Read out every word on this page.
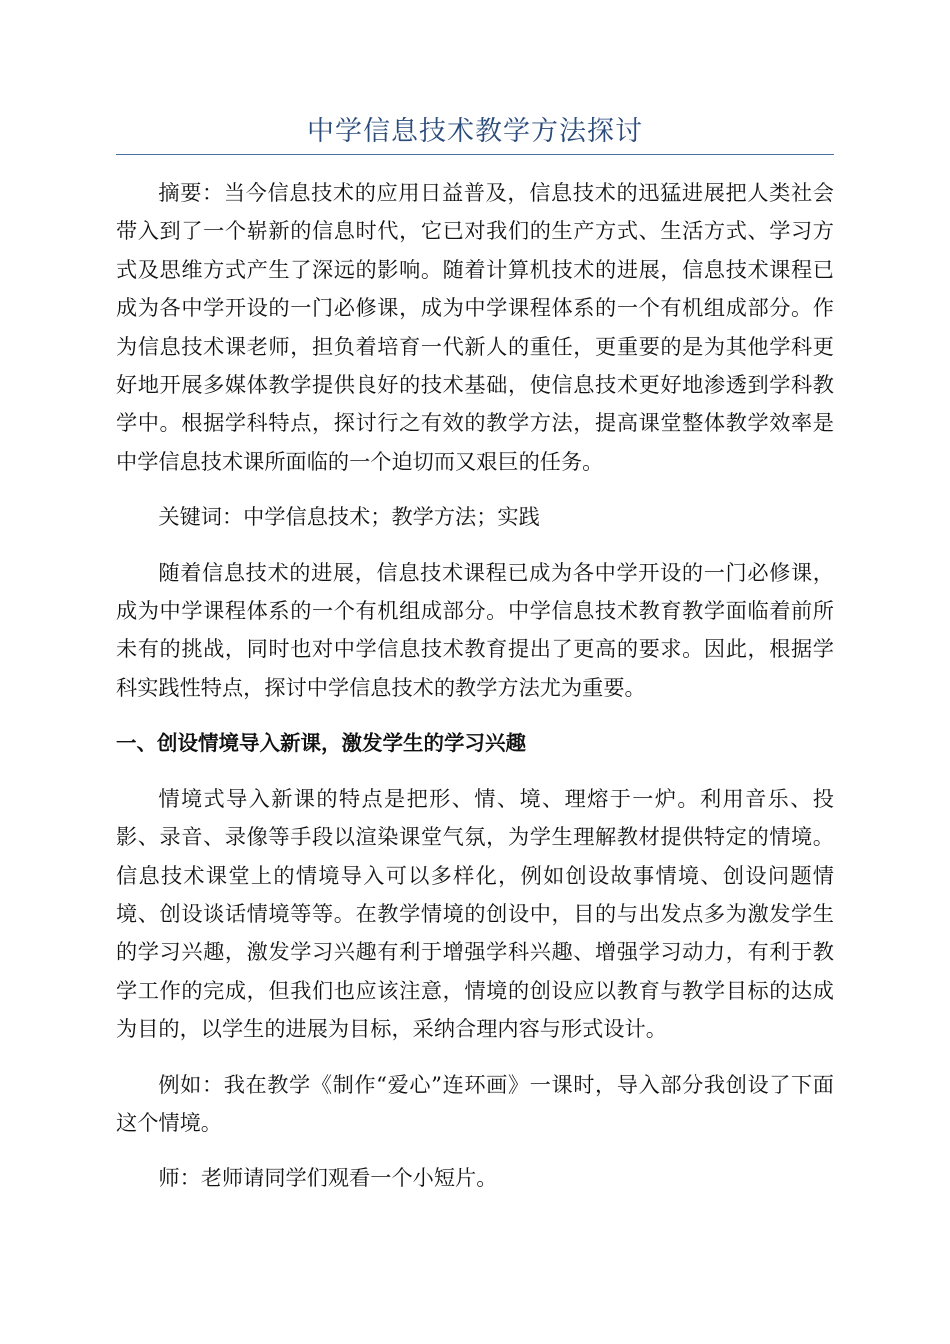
中学信息技术教学方法探讨

摘要：当今信息技术的应用日益普及，信息技术的迅猛进展把人类社会带入到了一个崭新的信息时代，它已对我们的生产方式、生活方式、学习方式及思维方式产生了深远的影响。随着计算机技术的进展，信息技术课程已成为各中学开设的一门必修课，成为中学课程体系的一个有机组成部分。作为信息技术课老师，担负着培育一代新人的重任，更重要的是为其他学科更好地开展多媒体教学提供良好的技术基础，使信息技术更好地渗透到学科教学中。根据学科特点，探讨行之有效的教学方法，提高课堂整体教学效率是中学信息技术课所面临的一个迫切而又艰巨的任务。

关键词：中学信息技术；教学方法；实践

随着信息技术的进展，信息技术课程已成为各中学开设的一门必修课，成为中学课程体系的一个有机组成部分。中学信息技术教育教学面临着前所未有的挑战，同时也对中学信息技术教育提出了更高的要求。因此，根据学科实践性特点，探讨中学信息技术的教学方法尤为重要。

一、创设情境导入新课，激发学生的学习兴趣

情境式导入新课的特点是把形、情、境、理熔于一炉。利用音乐、投影、录音、录像等手段以渲染课堂气氛，为学生理解教材提供特定的情境。信息技术课堂上的情境导入可以多样化，例如创设故事情境、创设问题情境、创设谈话情境等等。在教学情境的创设中，目的与出发点多为激发学生的学习兴趣，激发学习兴趣有利于增强学科兴趣、增强学习动力，有利于教学工作的完成，但我们也应该注意，情境的创设应以教育与教学目标的达成为目的，以学生的进展为目标，采纳合理内容与形式设计。

例如：我在教学《制作“爱心”连环画》一课时，导入部分我创设了下面这个情境。

师：老师请同学们观看一个小短片。
